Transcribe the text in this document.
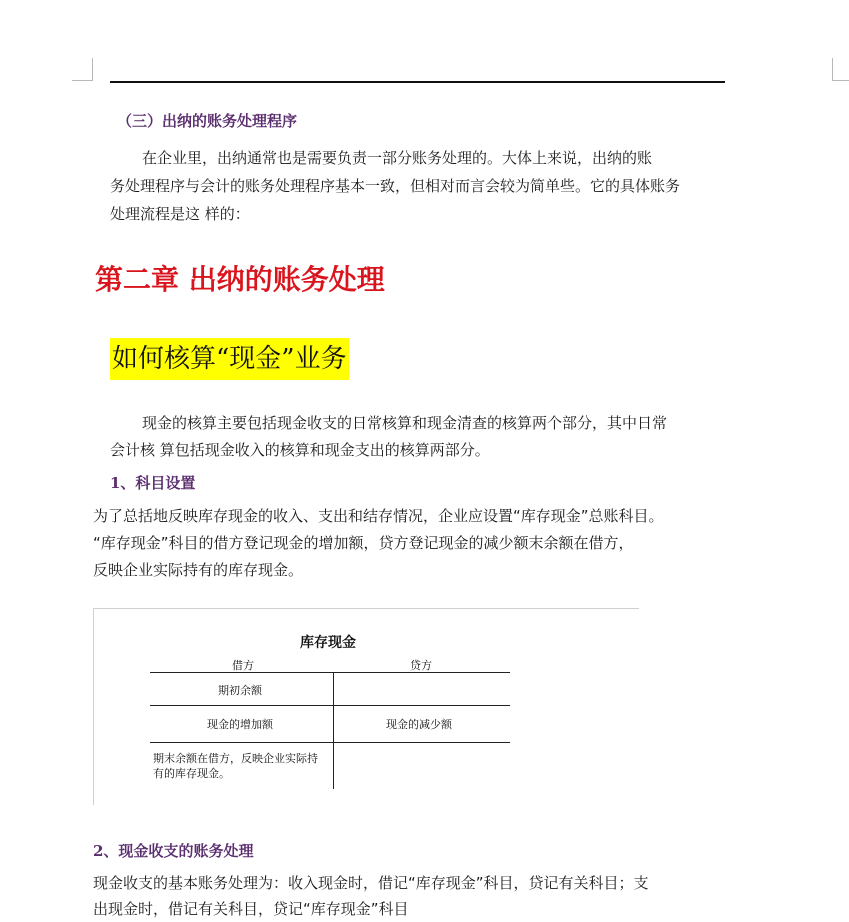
（三）出纳的账务处理程序
在企业里，出纳通常也是需要负责一部分账务处理的。大体上来说，出纳的账
务处理程序与会计的账务处理程序基本一致，但相对而言会较为简单些。它的具体账务
处理流程是这 样的：
第二章 出纳的账务处理
如何核算“现金”业务
现金的核算主要包括现金收支的日常核算和现金清查的核算两个部分，其中日常
会计核 算包括现金收入的核算和现金支出的核算两部分。
1、科目设置
为了总括地反映库存现金的收入、支出和结存情况，企业应设置“库存现金”总账科目。
“库存现金”科目的借方登记现金的增加额，贷方登记现金的减少额末余额在借方，
反映企业实际持有的库存现金。
库存现金
借方	贷方
期初余额
现金的增加额	现金的减少额
期末余额在借方，反映企业实际持
有的库存现金。
2、现金收支的账务处理
现金收支的基本账务处理为：收入现金时，借记“库存现金”科目，贷记有关科目；支
出现金时，借记有关科目，贷记“库存现金”科目
